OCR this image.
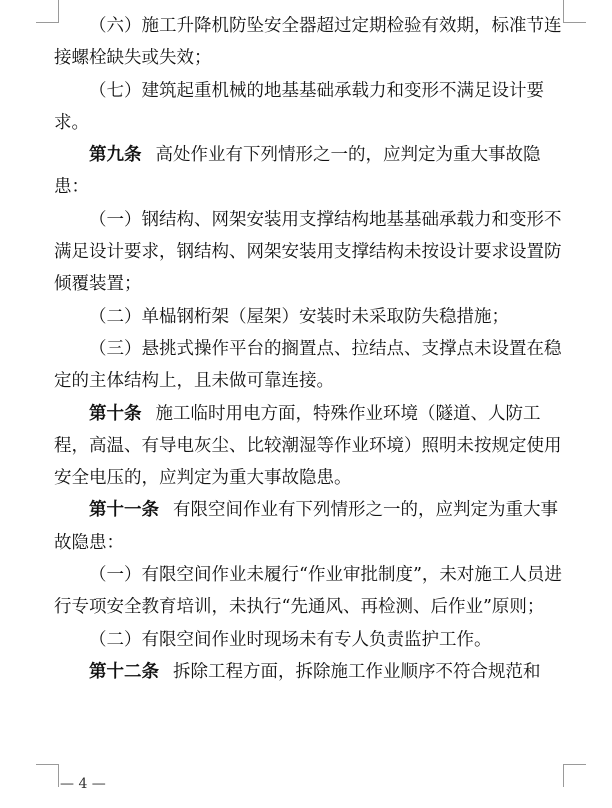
（六）施工升降机防坠安全器超过定期检验有效期，标准节连接螺栓缺失或失效；

（七）建筑起重机械的地基基础承载力和变形不满足设计要求。

第九条 高处作业有下列情形之一的，应判定为重大事故隐患：

（一）钢结构、网架安装用支撑结构地基基础承载力和变形不满足设计要求，钢结构、网架安装用支撑结构未按设计要求设置防倾覆装置；

（二）单榀钢桁架（屋架）安装时未采取防失稳措施；

（三）悬挑式操作平台的搁置点、拉结点、支撑点未设置在稳定的主体结构上，且未做可靠连接。

第十条 施工临时用电方面，特殊作业环境（隧道、人防工程，高温、有导电灰尘、比较潮湿等作业环境）照明未按规定使用安全电压的，应判定为重大事故隐患。

第十一条 有限空间作业有下列情形之一的，应判定为重大事故隐患：

（一）有限空间作业未履行“作业审批制度”，未对施工人员进行专项安全教育培训，未执行“先通风、再检测、后作业”原则；

（二）有限空间作业时现场未有专人负责监护工作。

第十二条 拆除工程方面，拆除施工作业顺序不符合规范和

— 4 —
